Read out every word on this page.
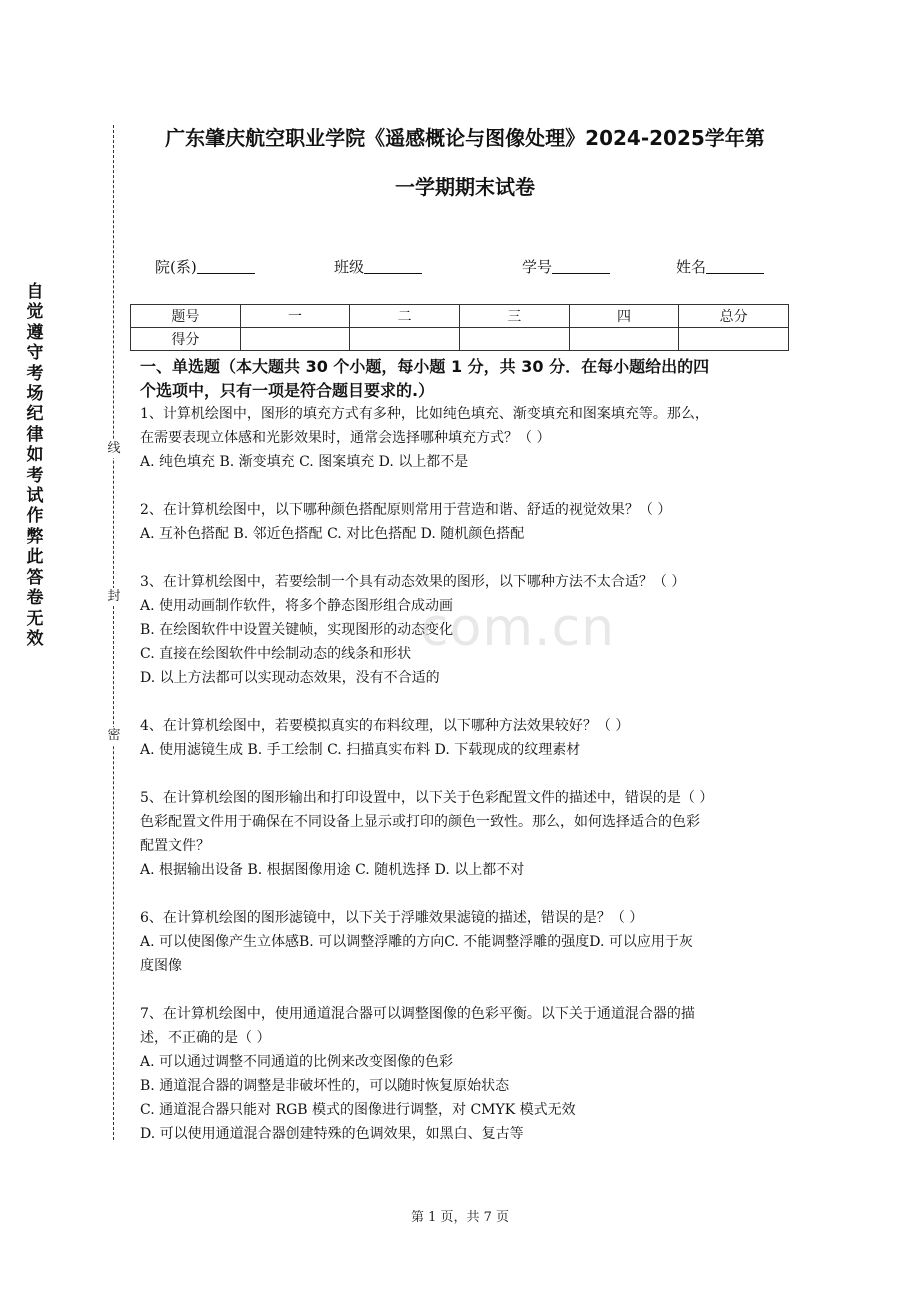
自觉遵守考场纪律如考试作弊此答卷无效
线
封
密
广东肇庆航空职业学院《遥感概论与图像处理》2024-2025学年第
一学期期末试卷
院(系)	班级	学号	姓名
题号	一	二	三	四	总分
得分					
一、单选题（本大题共 30 个小题，每小题 1 分，共 30 分．在每小题给出的四
个选项中，只有一项是符合题目要求的.）

1、计算机绘图中，图形的填充方式有多种，比如纯色填充、渐变填充和图案填充等。那么，

在需要表现立体感和光影效果时，通常会选择哪种填充方式？（ ）

A. 纯色填充 B. 渐变填充 C. 图案填充 D. 以上都不是

2、在计算机绘图中，以下哪种颜色搭配原则常用于营造和谐、舒适的视觉效果？（ ）

A. 互补色搭配 B. 邻近色搭配 C. 对比色搭配 D. 随机颜色搭配

3、在计算机绘图中，若要绘制一个具有动态效果的图形，以下哪种方法不太合适？（ ）

A. 使用动画制作软件，将多个静态图形组合成动画

B. 在绘图软件中设置关键帧，实现图形的动态变化

C. 直接在绘图软件中绘制动态的线条和形状

D. 以上方法都可以实现动态效果，没有不合适的

4、在计算机绘图中，若要模拟真实的布料纹理，以下哪种方法效果较好？（ ）

A. 使用滤镜生成 B. 手工绘制 C. 扫描真实布料 D. 下载现成的纹理素材

5、在计算机绘图的图形输出和打印设置中，以下关于色彩配置文件的描述中，错误的是（ ）

色彩配置文件用于确保在不同设备上显示或打印的颜色一致性。那么，如何选择适合的色彩

配置文件？

A. 根据输出设备 B. 根据图像用途 C. 随机选择 D. 以上都不对

6、在计算机绘图的图形滤镜中，以下关于浮雕效果滤镜的描述，错误的是？（ ）

A. 可以使图像产生立体感B. 可以调整浮雕的方向C. 不能调整浮雕的强度D. 可以应用于灰

度图像

7、在计算机绘图中，使用通道混合器可以调整图像的色彩平衡。以下关于通道混合器的描

述，不正确的是（ ）

A. 可以通过调整不同通道的比例来改变图像的色彩

B. 通道混合器的调整是非破坏性的，可以随时恢复原始状态

C. 通道混合器只能对 RGB 模式的图像进行调整，对 CMYK 模式无效

D. 可以使用通道混合器创建特殊的色调效果，如黑白、复古等

com.cn
第 1 页，共 7 页
